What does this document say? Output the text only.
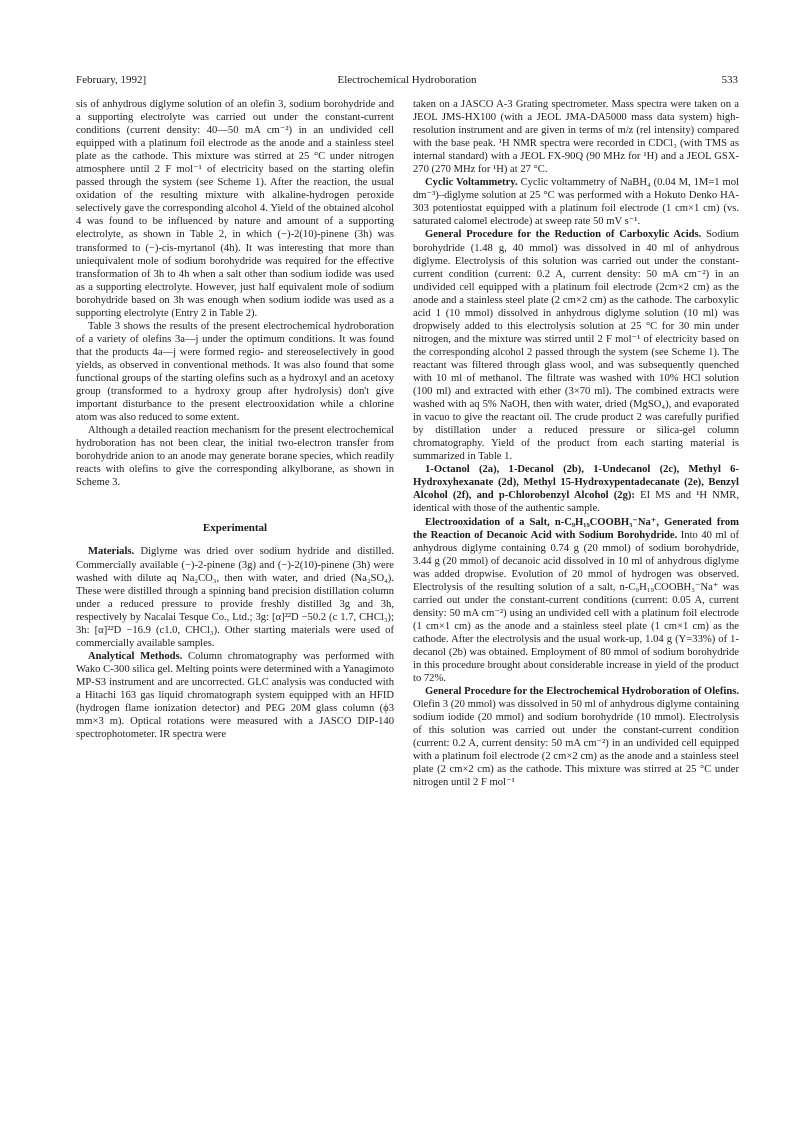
February, 1992]	Electrochemical Hydroboration	533

sis of anhydrous diglyme solution of an olefin 3, sodium borohydride and a supporting electrolyte was carried out under the constant-current conditions (current density: 40—50 mA cm⁻²) in an undivided cell equipped with a platinum foil electrode as the anode and a stainless steel plate as the cathode. This mixture was stirred at 25 °C under nitrogen atmosphere until 2 F mol⁻¹ of electricity based on the starting olefin passed through the system (see Scheme 1). After the reaction, the usual oxidation of the resulting mixture with alkaline-hydrogen peroxide selectively gave the corresponding alcohol 4. Yield of the obtained alcohol 4 was found to be influenced by nature and amount of a supporting electrolyte, as shown in Table 2, in which (−)-2(10)-pinene (3h) was transformed to (−)-cis-myrtanol (4h). It was interesting that more than uniequivalent mole of sodium borohydride was required for the effective transformation of 3h to 4h when a salt other than sodium iodide was used as a supporting electrolyte. However, just half equivalent mole of sodium borohydride based on 3h was enough when sodium iodide was used as a supporting electrolyte (Entry 2 in Table 2).

Table 3 shows the results of the present electrochemical hydroboration of a variety of olefins 3a—j under the optimum conditions. It was found that the products 4a—j were formed regio- and stereoselectively in good yields, as observed in conventional methods. It was also found that some functional groups of the starting olefins such as a hydroxyl and an acetoxy group (transformed to a hydroxy group after hydrolysis) don't give important disturbance to the present electrooxidation while a chlorine atom was also reduced to some extent.

Although a detailed reaction mechanism for the present electrochemical hydroboration has not been clear, the initial two-electron transfer from borohydride anion to an anode may generate borane species, which readily reacts with olefins to give the corresponding alkylborane, as shown in Scheme 3.

Experimental

Materials. Diglyme was dried over sodium hydride and distilled. Commercially available (−)-2-pinene (3g) and (−)-2(10)-pinene (3h) were washed with dilute aq Na₂CO₃, then with water, and dried (Na₂SO₄). These were distilled through a spinning band precision distillation column under a reduced pressure to provide freshly distilled 3g and 3h, respectively by Nacalai Tesque Co., Ltd.; 3g: [α]²²D −50.2 (c 1.7, CHCl₃); 3h: [α]²²D −16.9 (c1.0, CHCl₃). Other starting materials were used of commercially available samples.

Analytical Methods. Column chromatography was performed with Wako C-300 silica gel. Melting points were determined with a Yanagimoto MP-S3 instrument and are uncorrected. GLC analysis was conducted with a Hitachi 163 gas liquid chromatograph system equipped with an HFID (hydrogen flame ionization detector) and PEG 20M glass column (ϕ3 mm×3 m). Optical rotations were measured with a JASCO DIP-140 spectrophotometer. IR spectra were

taken on a JASCO A-3 Grating spectrometer. Mass spectra were taken on a JEOL JMS-HX100 (with a JEOL JMA-DA5000 mass data system) high-resolution instrument and are given in terms of m/z (rel intensity) compared with the base peak. ¹H NMR spectra were recorded in CDCl₃ (with TMS as internal standard) with a JEOL FX-90Q (90 MHz for ¹H) and a JEOL GSX-270 (270 MHz for ¹H) at 27 °C.

Cyclic Voltammetry. Cyclic voltammetry of NaBH₄ (0.04 M, 1M=1 mol dm⁻³)–diglyme solution at 25 °C was performed with a Hokuto Denko HA-303 potentiostat equipped with a platinum foil electrode (1 cm×1 cm) (vs. saturated calomel electrode) at sweep rate 50 mV s⁻¹.

General Procedure for the Reduction of Carboxylic Acids. Sodium borohydride (1.48 g, 40 mmol) was dissolved in 40 ml of anhydrous diglyme. Electrolysis of this solution was carried out under the constant-current condition (current: 0.2 A, current density: 50 mA cm⁻²) in an undivided cell equipped with a platinum foil electrode (2cm×2 cm) as the anode and a stainless steel plate (2 cm×2 cm) as the cathode. The carboxylic acid 1 (10 mmol) dissolved in anhydrous diglyme solution (10 ml) was dropwisely added to this electrolysis solution at 25 °C for 30 min under nitrogen, and the mixture was stirred until 2 F mol⁻¹ of electricity based on the corresponding alcohol 2 passed through the system (see Scheme 1). The reactant was filtered through glass wool, and was subsequently quenched with 10 ml of methanol. The filtrate was washed with 10% HCl solution (100 ml) and extracted with ether (3×70 ml). The combined extracts were washed with aq 5% NaOH, then with water, dried (MgSO₄), and evaporated in vacuo to give the reactant oil. The crude product 2 was carefully purified by distillation under a reduced pressure or silica-gel column chromatography. Yield of the product from each starting material is summarized in Table 1.

1-Octanol (2a), 1-Decanol (2b), 1-Undecanol (2c), Methyl 6-Hydroxyhexanate (2d), Methyl 15-Hydroxypentadecanate (2e), Benzyl Alcohol (2f), and p-Chlorobenzyl Alcohol (2g): EI MS and ¹H NMR, identical with those of the authentic sample.

Electrooxidation of a Salt, n-C₉H₁₉COOBH₃⁻Na⁺, Generated from the Reaction of Decanoic Acid with Sodium Borohydride. Into 40 ml of anhydrous diglyme containing 0.74 g (20 mmol) of sodium borohydride, 3.44 g (20 mmol) of decanoic acid dissolved in 10 ml of anhydrous diglyme was added dropwise. Evolution of 20 mmol of hydrogen was observed. Electrolysis of the resulting solution of a salt, n-C₉H₁₉COOBH₃⁻Na⁺ was carried out under the constant-current conditions (current: 0.05 A, current density: 50 mA cm⁻²) using an undivided cell with a platinum foil electrode (1 cm×1 cm) as the anode and a stainless steel plate (1 cm×1 cm) as the cathode. After the electrolysis and the usual work-up, 1.04 g (Y=33%) of 1-decanol (2b) was obtained. Employment of 80 mmol of sodium borohydride in this procedure brought about considerable increase in yield of the product to 72%.

General Procedure for the Electrochemical Hydroboration of Olefins. Olefin 3 (20 mmol) was dissolved in 50 ml of anhydrous diglyme containing sodium iodide (20 mmol) and sodium borohydride (10 mmol). Electrolysis of this solution was carried out under the constant-current condition (current: 0.2 A, current density: 50 mA cm⁻²) in an undivided cell equipped with a platinum foil electrode (2 cm×2 cm) as the anode and a stainless steel plate (2 cm×2 cm) as the cathode. This mixture was stirred at 25 °C under nitrogen until 2 F mol⁻¹
